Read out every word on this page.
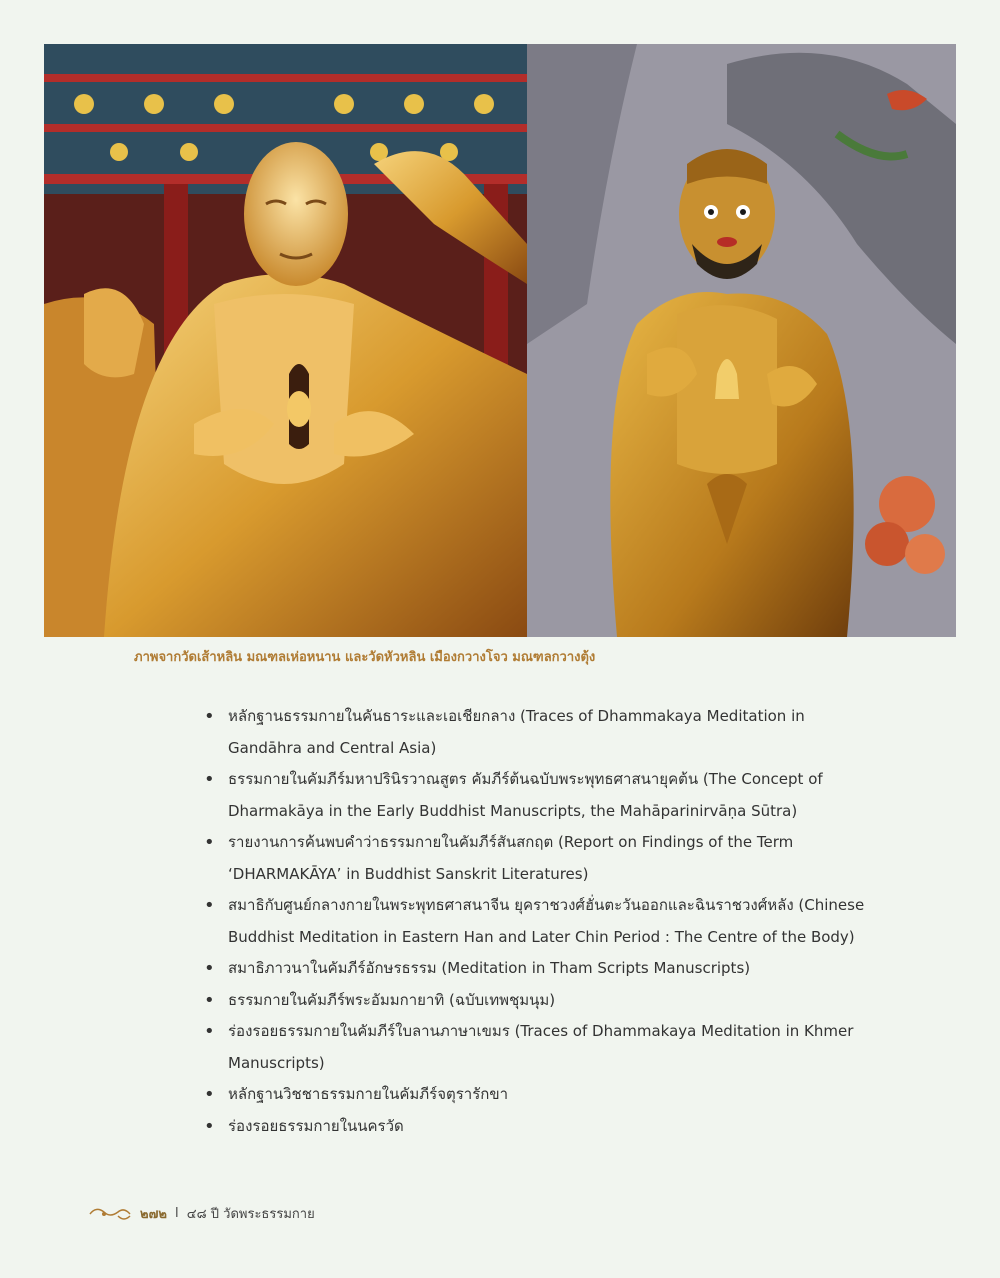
ภาพจากวัดเส้าหลิน มณฑลเห่อหนาน และวัดหัวหลิน เมืองกวางโจว มณฑลกวางตุ้ง
• หลักฐานธรรมกายในคันธาระและเอเชียกลาง (Traces of Dhammakaya Meditation in Gandāhra and Central Asia)
• ธรรมกายในคัมภีร์มหาปรินิรวาณสูตร คัมภีร์ต้นฉบับพระพุทธศาสนายุคต้น (The Concept of Dharmakāya in the Early Buddhist Manuscripts, the Mahāparinirvāṇa Sūtra)
• รายงานการค้นพบคำว่าธรรมกายในคัมภีร์สันสกฤต (Report on Findings of the Term ‘DHARMAKĀYA’ in Buddhist Sanskrit Literatures)
• สมาธิกับศูนย์กลางกายในพระพุทธศาสนาจีน ยุคราชวงศ์ฮั่นตะวันออกและฉินราชวงศ์หลัง (Chinese Buddhist Meditation in Eastern Han and Later Chin Period : The Centre of the Body)
• สมาธิภาวนาในคัมภีร์อักษรธรรม (Meditation in Tham Scripts Manuscripts)
• ธรรมกายในคัมภีร์พระอัมมกายาทิ (ฉบับเทพชุมนุม)
• ร่องรอยธรรมกายในคัมภีร์ใบลานภาษาเขมร (Traces of Dhammakaya Meditation in Khmer Manuscripts)
• หลักฐานวิชชาธรรมกายในคัมภีร์จตุรารักขา
• ร่องรอยธรรมกายในนครวัด
๒๗๒ I ๔๘ ปี วัดพระธรรมกาย
